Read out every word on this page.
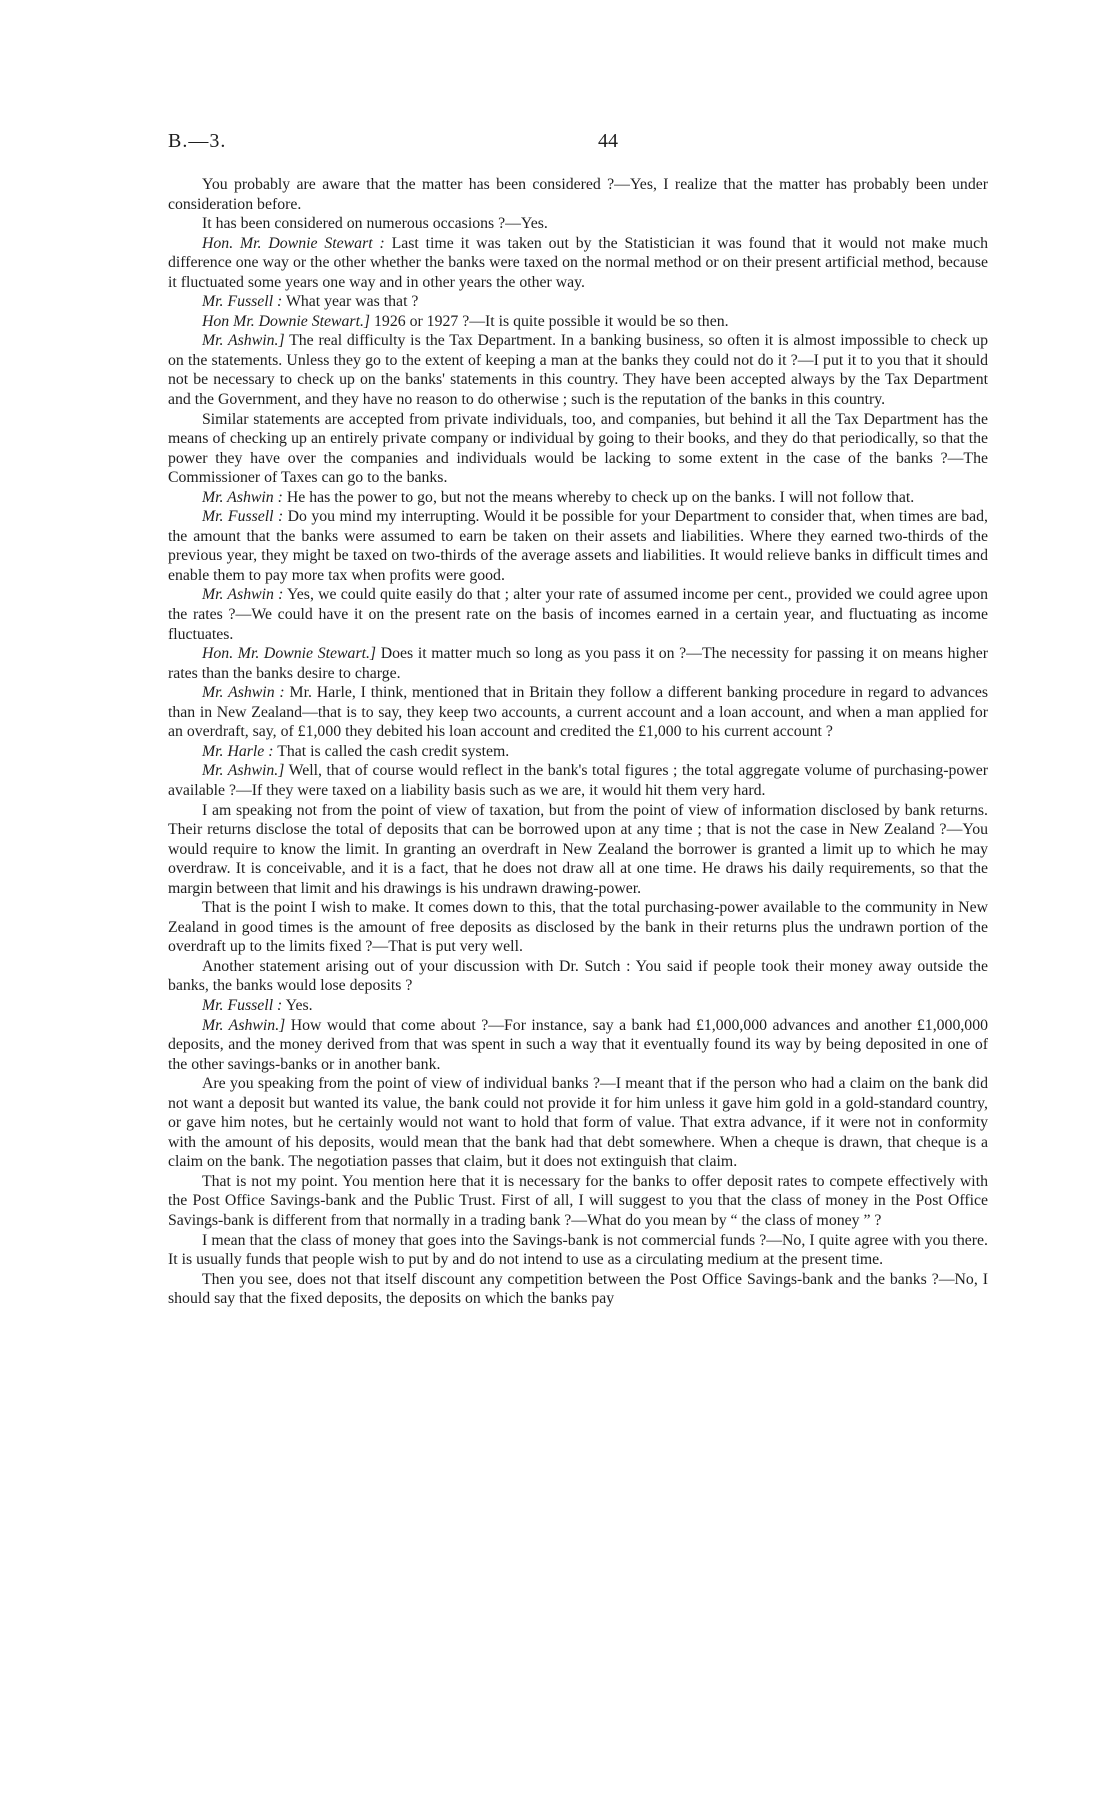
B.—3.	44

You probably are aware that the matter has been considered ?—Yes, I realize that the matter has probably been under consideration before.

It has been considered on numerous occasions ?—Yes.

Hon. Mr. Downie Stewart : Last time it was taken out by the Statistician it was found that it would not make much difference one way or the other whether the banks were taxed on the normal method or on their present artificial method, because it fluctuated some years one way and in other years the other way.

Mr. Fussell : What year was that ?

Hon Mr. Downie Stewart.] 1926 or 1927 ?—It is quite possible it would be so then.

Mr. Ashwin.] The real difficulty is the Tax Department. In a banking business, so often it is almost impossible to check up on the statements. Unless they go to the extent of keeping a man at the banks they could not do it ?—I put it to you that it should not be necessary to check up on the banks' statements in this country. They have been accepted always by the Tax Department and the Government, and they have no reason to do otherwise ; such is the reputation of the banks in this country.

Similar statements are accepted from private individuals, too, and companies, but behind it all the Tax Department has the means of checking up an entirely private company or individual by going to their books, and they do that periodically, so that the power they have over the companies and individuals would be lacking to some extent in the case of the banks ?—The Commissioner of Taxes can go to the banks.

Mr. Ashwin : He has the power to go, but not the means whereby to check up on the banks. I will not follow that.

Mr. Fussell : Do you mind my interrupting. Would it be possible for your Department to consider that, when times are bad, the amount that the banks were assumed to earn be taken on their assets and liabilities. Where they earned two-thirds of the previous year, they might be taxed on two-thirds of the average assets and liabilities. It would relieve banks in difficult times and enable them to pay more tax when profits were good.

Mr. Ashwin : Yes, we could quite easily do that ; alter your rate of assumed income per cent., provided we could agree upon the rates ?—We could have it on the present rate on the basis of incomes earned in a certain year, and fluctuating as income fluctuates.

Hon. Mr. Downie Stewart.] Does it matter much so long as you pass it on ?—The necessity for passing it on means higher rates than the banks desire to charge.

Mr. Ashwin : Mr. Harle, I think, mentioned that in Britain they follow a different banking procedure in regard to advances than in New Zealand—that is to say, they keep two accounts, a current account and a loan account, and when a man applied for an overdraft, say, of £1,000 they debited his loan account and credited the £1,000 to his current account ?

Mr. Harle : That is called the cash credit system.

Mr. Ashwin.] Well, that of course would reflect in the bank's total figures ; the total aggregate volume of purchasing-power available ?—If they were taxed on a liability basis such as we are, it would hit them very hard.

I am speaking not from the point of view of taxation, but from the point of view of information disclosed by bank returns. Their returns disclose the total of deposits that can be borrowed upon at any time ; that is not the case in New Zealand ?—You would require to know the limit. In granting an overdraft in New Zealand the borrower is granted a limit up to which he may overdraw. It is conceivable, and it is a fact, that he does not draw all at one time. He draws his daily requirements, so that the margin between that limit and his drawings is his undrawn drawing-power.

That is the point I wish to make. It comes down to this, that the total purchasing-power available to the community in New Zealand in good times is the amount of free deposits as disclosed by the bank in their returns plus the undrawn portion of the overdraft up to the limits fixed ?—That is put very well.

Another statement arising out of your discussion with Dr. Sutch : You said if people took their money away outside the banks, the banks would lose deposits ?

Mr. Fussell : Yes.

Mr. Ashwin.] How would that come about ?—For instance, say a bank had £1,000,000 advances and another £1,000,000 deposits, and the money derived from that was spent in such a way that it eventually found its way by being deposited in one of the other savings-banks or in another bank.

Are you speaking from the point of view of individual banks ?—I meant that if the person who had a claim on the bank did not want a deposit but wanted its value, the bank could not provide it for him unless it gave him gold in a gold-standard country, or gave him notes, but he certainly would not want to hold that form of value. That extra advance, if it were not in conformity with the amount of his deposits, would mean that the bank had that debt somewhere. When a cheque is drawn, that cheque is a claim on the bank. The negotiation passes that claim, but it does not extinguish that claim.

That is not my point. You mention here that it is necessary for the banks to offer deposit rates to compete effectively with the Post Office Savings-bank and the Public Trust. First of all, I will suggest to you that the class of money in the Post Office Savings-bank is different from that normally in a trading bank ?—What do you mean by “ the class of money ” ?

I mean that the class of money that goes into the Savings-bank is not commercial funds ?—No, I quite agree with you there. It is usually funds that people wish to put by and do not intend to use as a circulating medium at the present time.

Then you see, does not that itself discount any competition between the Post Office Savings-bank and the banks ?—No, I should say that the fixed deposits, the deposits on which the banks pay
